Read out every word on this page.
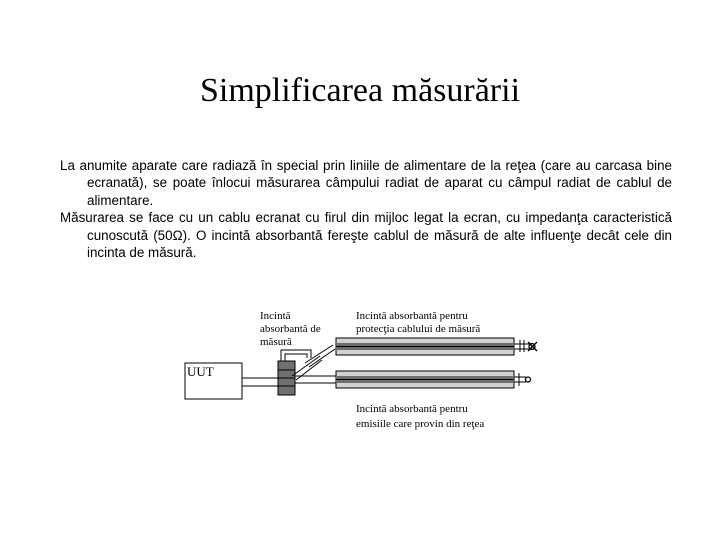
Simplificarea măsurării

La anumite aparate care radiază în special prin liniile de alimentare de la reţea (care au carcasa bine ecranată), se poate înlocui măsurarea câmpului radiat de aparat cu câmpul radiat de cablul de alimentare.

Măsurarea se face cu un cablu ecranat cu firul din mijloc legat la ecran, cu impedanţa caracteristică cunoscută (50Ω). O incintă absorbantă fereşte cablul de măsură de alte influenţe decât cele din incinta de măsură.

Incintă absorbantă de măsură
Incintă absorbantă pentru protecţia cablului de măsură
UUT
Incintă absorbantă pentru emisiile care provin din reţea
